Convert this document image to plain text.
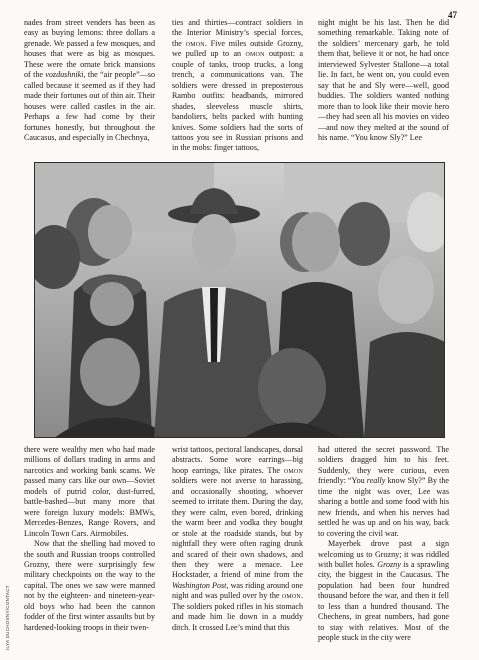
47

nades from street venders has been as easy as buying lemons: three dollars a grenade. We passed a few mosques, and houses that were as big as mosques. These were the ornate brick mansions of the vozdushniki, the “air people”—so called because it seemed as if they had made their fortunes out of thin air. Their houses were called castles in the air. Perhaps a few had come by their fortunes honestly, but throughout the Caucasus, and especially in Chechnya,

ties and thirties—contract soldiers in the Interior Ministry’s special forces, the omon. Five miles outside Grozny, we pulled up to an omon outpost: a couple of tanks, troop trucks, a long trench, a communications van. The soldiers were dressed in preposterous Rambo outfits: headbands, mirrored shades, sleeveless muscle shirts, bandoliers, belts packed with hunting knives. Some soldiers had the sorts of tattoos you see in Russian prisons and in the mobs: finger tattoos,

night might be his last. Then he did something remarkable. Taking note of the soldiers’ mercenary garb, he told them that, believe it or not, he had once interviewed Sylvester Stallone—a total lie. In fact, he went on, you could even say that he and Sly were—well, good buddies. The soldiers wanted nothing more than to look like their movie hero—they had seen all his movies on video—and now they melted at the sound of his name. “You know Sly?” Lee

ILYA DUCHOVNY/CONTACT

there were wealthy men who had made millions of dollars trading in arms and narcotics and working bank scams. We passed many cars like our own—Soviet models of putrid color, dust-furred, battle-bashed—but many more that were foreign luxury models: BMWs, Mercedes-Benzes, Range Rovers, and Lincoln Town Cars. Airmobiles.

Now that the shelling had moved to the south and Russian troops controlled Grozny, there were surprisingly few military checkpoints on the way to the capital. The ones we saw were manned not by the eighteen- and nineteen-year-old boys who had been the cannon fodder of the first winter assaults but by hardened-looking troops in their twen-

wrist tattoos, pectoral landscapes, dorsal abstracts. Some wore earrings—big hoop earrings, like pirates. The omon soldiers were not averse to harassing, and occasionally shooting, whoever seemed to irritate them. During the day, they were calm, even bored, drinking the warm beer and vodka they bought or stole at the roadside stands, but by nightfall they were often raging drunk and scared of their own shadows, and then they were a menace. Lee Hockstader, a friend of mine from the Washington Post, was riding around one night and was pulled over by the omon. The soldiers poked rifles in his stomach and made him lie down in a muddy ditch. It crossed Lee’s mind that this

had uttered the secret password. The soldiers dragged him to his feet. Suddenly, they were curious, even friendly: “You really know Sly?” By the time the night was over, Lee was sharing a bottle and some food with his new friends, and when his nerves had settled he was up and on his way, back to covering the civil war.

Mayerbek drove past a sign welcoming us to Grozny; it was riddled with bullet holes. Grozny is a sprawling city, the biggest in the Caucasus. The population had been four hundred thousand before the war, and then it fell to less than a hundred thousand. The Chechens, in great numbers, had gone to stay with relatives. Most of the people stuck in the city were
